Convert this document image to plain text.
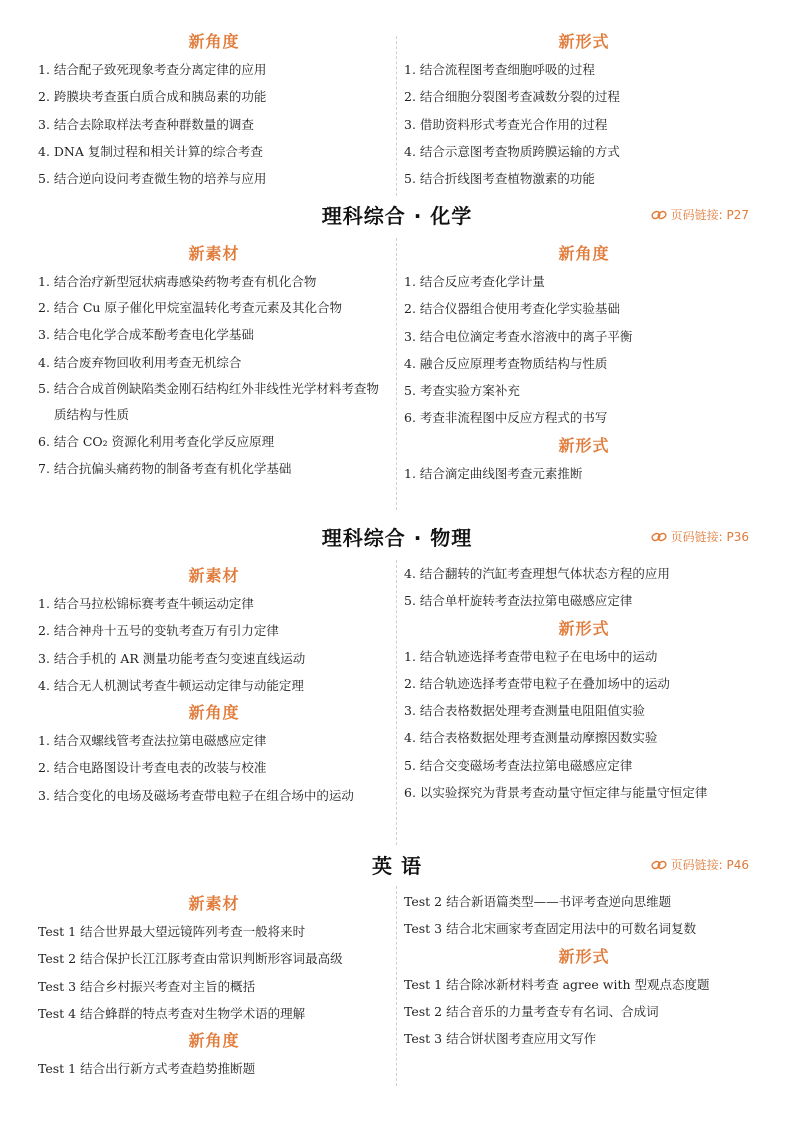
新角度
1. 结合配子致死现象考查分离定律的应用
2. 跨膜块考查蛋白质合成和胰岛素的功能
3. 结合去除取样法考查种群数量的调查
4. DNA 复制过程和相关计算的综合考查
5. 结合逆向设问考查微生物的培养与应用
新形式
1. 结合流程图考查细胞呼吸的过程
2. 结合细胞分裂图考查减数分裂的过程
3. 借助资料形式考查光合作用的过程
4. 结合示意图考查物质跨膜运输的方式
5. 结合折线图考查植物激素的功能
理科综合 · 化学	页码链接: P27
新素材
1. 结合治疗新型冠状病毒感染药物考查有机化合物
2. 结合 Cu 原子催化甲烷室温转化考查元素及其化合物
3. 结合电化学合成苯酚考查电化学基础
4. 结合废弃物回收利用考查无机综合
5. 结合合成首例缺陷类金刚石结构红外非线性光学材料考查物质结构与性质
6. 结合 CO₂ 资源化利用考查化学反应原理
7. 结合抗偏头痛药物的制备考查有机化学基础
新角度
1. 结合反应考查化学计量
2. 结合仪器组合使用考查化学实验基础
3. 结合电位滴定考查水溶液中的离子平衡
4. 融合反应原理考查物质结构与性质
5. 考查实验方案补充
6. 考查非流程图中反应方程式的书写
新形式
1. 结合滴定曲线图考查元素推断
理科综合 · 物理	页码链接: P36
新素材
1. 结合马拉松锦标赛考查牛顿运动定律
2. 结合神舟十五号的变轨考查万有引力定律
3. 结合手机的 AR 测量功能考查匀变速直线运动
4. 结合无人机测试考查牛顿运动定律与动能定理
新角度
1. 结合双螺线管考查法拉第电磁感应定律
2. 结合电路图设计考查电表的改装与校准
3. 结合变化的电场及磁场考查带电粒子在组合场中的运动
4. 结合翻转的汽缸考查理想气体状态方程的应用
5. 结合单杆旋转考查法拉第电磁感应定律
新形式
1. 结合轨迹选择考查带电粒子在电场中的运动
2. 结合轨迹选择考查带电粒子在叠加场中的运动
3. 结合表格数据处理考查测量电阻阻值实验
4. 结合表格数据处理考查测量动摩擦因数实验
5. 结合交变磁场考查法拉第电磁感应定律
6. 以实验探究为背景考查动量守恒定律与能量守恒定律
英 语	页码链接: P46
新素材
Test 1 结合世界最大望远镜阵列考查一般将来时
Test 2 结合保护长江江豚考查由常识判断形容词最高级
Test 3 结合乡村振兴考查对主旨的概括
Test 4 结合蜂群的特点考查对生物学术语的理解
新角度
Test 1 结合出行新方式考查趋势推断题
Test 2 结合新语篇类型——书评考查逆向思维题
Test 3 结合北宋画家考查固定用法中的可数名词复数
新形式
Test 1 结合除冰新材料考查 agree with 型观点态度题
Test 2 结合音乐的力量考查专有名词、合成词
Test 3 结合饼状图考查应用文写作
